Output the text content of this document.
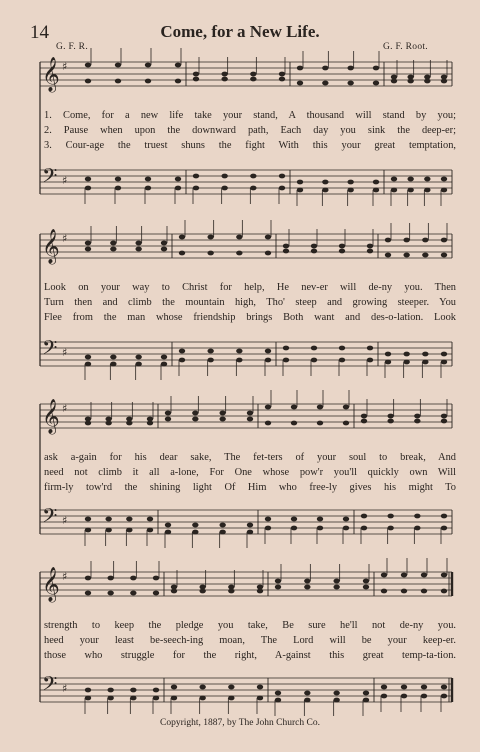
14	Come, for a New Life.
G. F. R.	G. F. Root.
𝄞
𝄢
♯
♯
𝄞
𝄢
♯
♯
𝄞
𝄢
♯
♯
𝄞
𝄢
♯
♯
1. Come, for a new life take your stand, A thousand will stand by you;
2. Pause when upon the downward path, Each day you sink the deep-er;
3. Cour-age the truest shuns the fight With this your great temptation,
Look on your way to Christ for help, He nev-er will de-ny you. Then
Turn then and climb the mountain high, Tho' steep and growing steeper. You
Flee from the man whose friendship brings Both want and des-o-lation. Look
ask a-gain for his dear sake, The fet-ters of your soul to break, And
need not climb it all a-lone, For One whose pow'r you'll quickly own Will
firm-ly tow'rd the shining light Of Him who free-ly gives his might To
strength to keep the pledge you take, Be sure he'll not de-ny you.
heed your least be-seech-ing moan, The Lord will be your keep-er.
those who struggle for the right, A-gainst this great temp-ta-tion.
Copyright, 1887, by The John Church Co.
